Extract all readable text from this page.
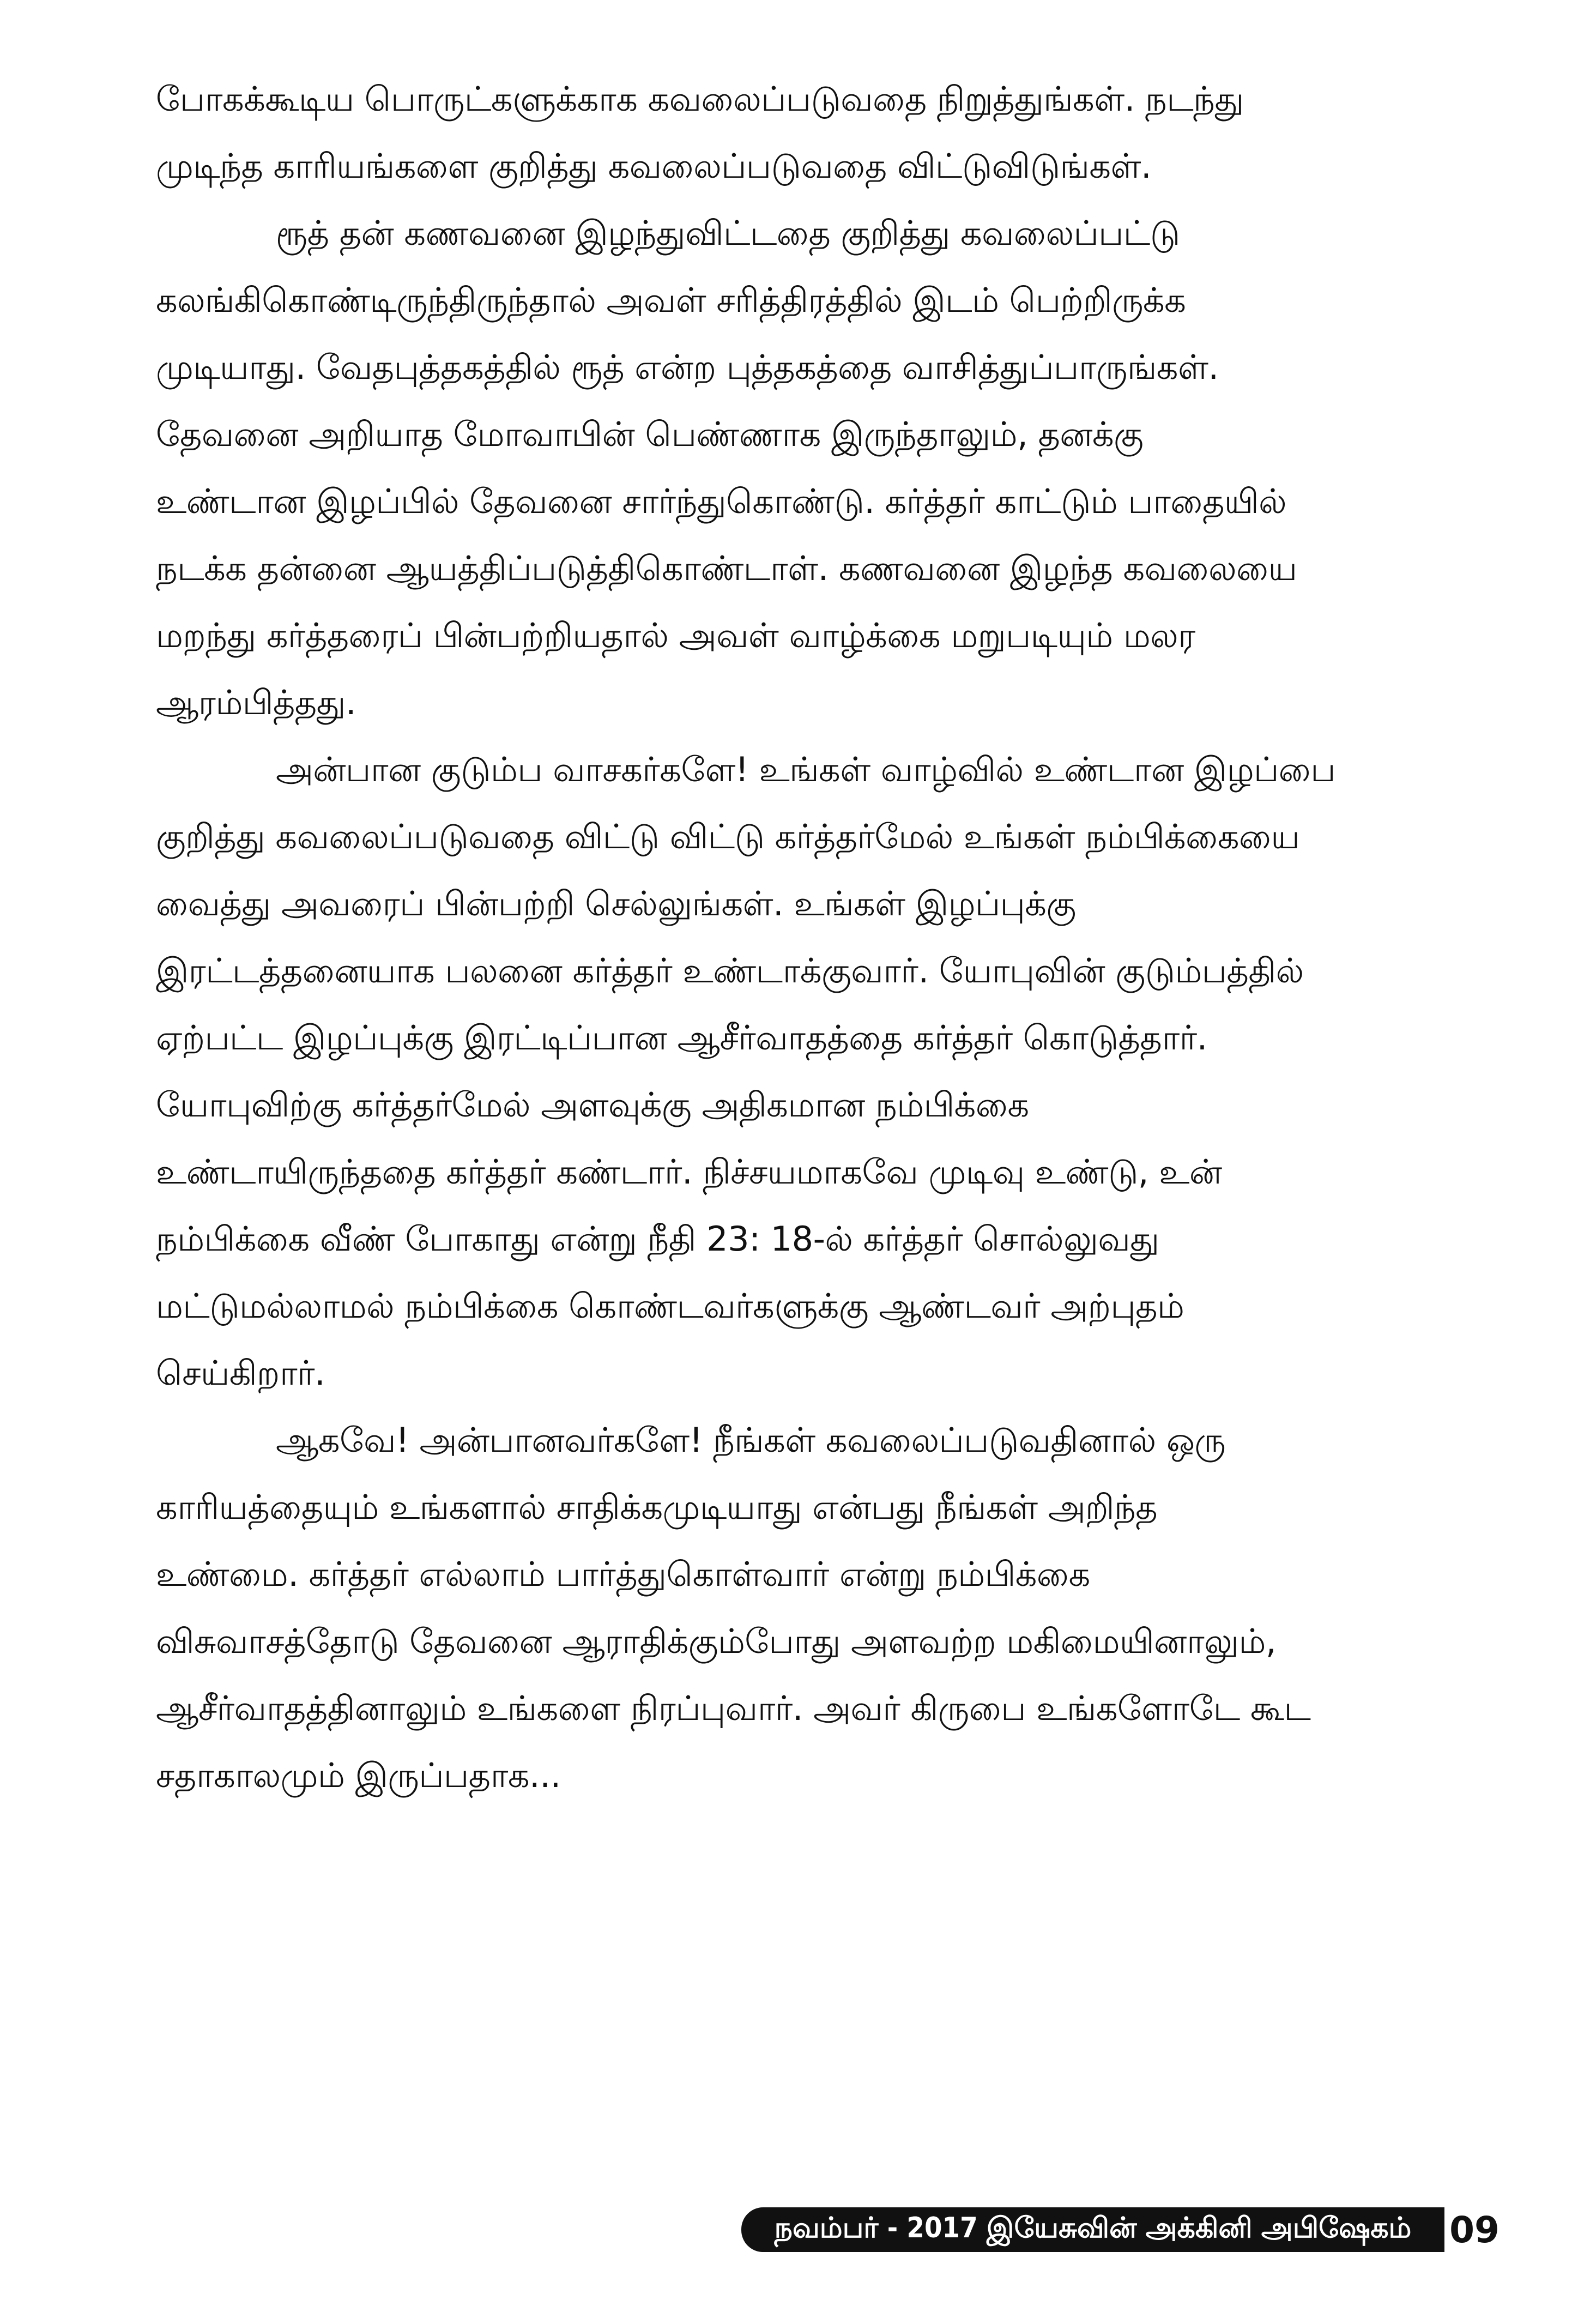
போகக்கூடிய பொருட்களுக்காக கவலைப்படுவதை நிறுத்துங்கள். நடந்து
முடிந்த காரியங்களை குறித்து கவலைப்படுவதை விட்டுவிடுங்கள்.

ரூத் தன் கணவனை இழந்துவிட்டதை குறித்து கவலைப்பட்டு
கலங்கிகொண்டிருந்திருந்தால் அவள் சரித்திரத்தில் இடம் பெற்றிருக்க
முடியாது. வேதபுத்தகத்தில் ரூத் என்ற புத்தகத்தை வாசித்துப்பாருங்கள்.
தேவனை அறியாத மோவாபின் பெண்ணாக இருந்தாலும், தனக்கு
உண்டான இழப்பில் தேவனை சார்ந்துகொண்டு. கர்த்தர் காட்டும் பாதையில்
நடக்க தன்னை ஆயத்திப்படுத்திகொண்டாள். கணவனை இழந்த கவலையை
மறந்து கர்த்தரைப் பின்பற்றியதால் அவள் வாழ்க்கை மறுபடியும் மலர
ஆரம்பித்தது.

அன்பான குடும்ப வாசகர்களே! உங்கள் வாழ்வில் உண்டான இழப்பை
குறித்து கவலைப்படுவதை விட்டு விட்டு கர்த்தர்மேல் உங்கள் நம்பிக்கையை
வைத்து அவரைப் பின்பற்றி செல்லுங்கள். உங்கள் இழப்புக்கு
இரட்டத்தனையாக பலனை கர்த்தர் உண்டாக்குவார். யோபுவின் குடும்பத்தில்
ஏற்பட்ட இழப்புக்கு இரட்டிப்பான ஆசீர்வாதத்தை கர்த்தர் கொடுத்தார்.
யோபுவிற்கு கர்த்தர்மேல் அளவுக்கு அதிகமான நம்பிக்கை
உண்டாயிருந்ததை கர்த்தர் கண்டார். நிச்சயமாகவே முடிவு உண்டு, உன்
நம்பிக்கை வீண் போகாது என்று நீதி 23: 18-ல் கர்த்தர் சொல்லுவது
மட்டுமல்லாமல் நம்பிக்கை கொண்டவர்களுக்கு ஆண்டவர் அற்புதம்
செய்கிறார்.

ஆகவே! அன்பானவர்களே! நீங்கள் கவலைப்படுவதினால் ஒரு
காரியத்தையும் உங்களால் சாதிக்கமுடியாது என்பது நீங்கள் அறிந்த
உண்மை. கர்த்தர் எல்லாம் பார்த்துகொள்வார் என்று நம்பிக்கை
விசுவாசத்தோடு தேவனை ஆராதிக்கும்போது அளவற்ற மகிமையினாலும்,
ஆசீர்வாதத்தினாலும் உங்களை நிரப்புவார். அவர் கிருபை உங்களோடே கூட
சதாகாலமும் இருப்பதாக...

நவம்பர் - 2017 இயேசுவின் அக்கினி அபிஷேகம்	09
